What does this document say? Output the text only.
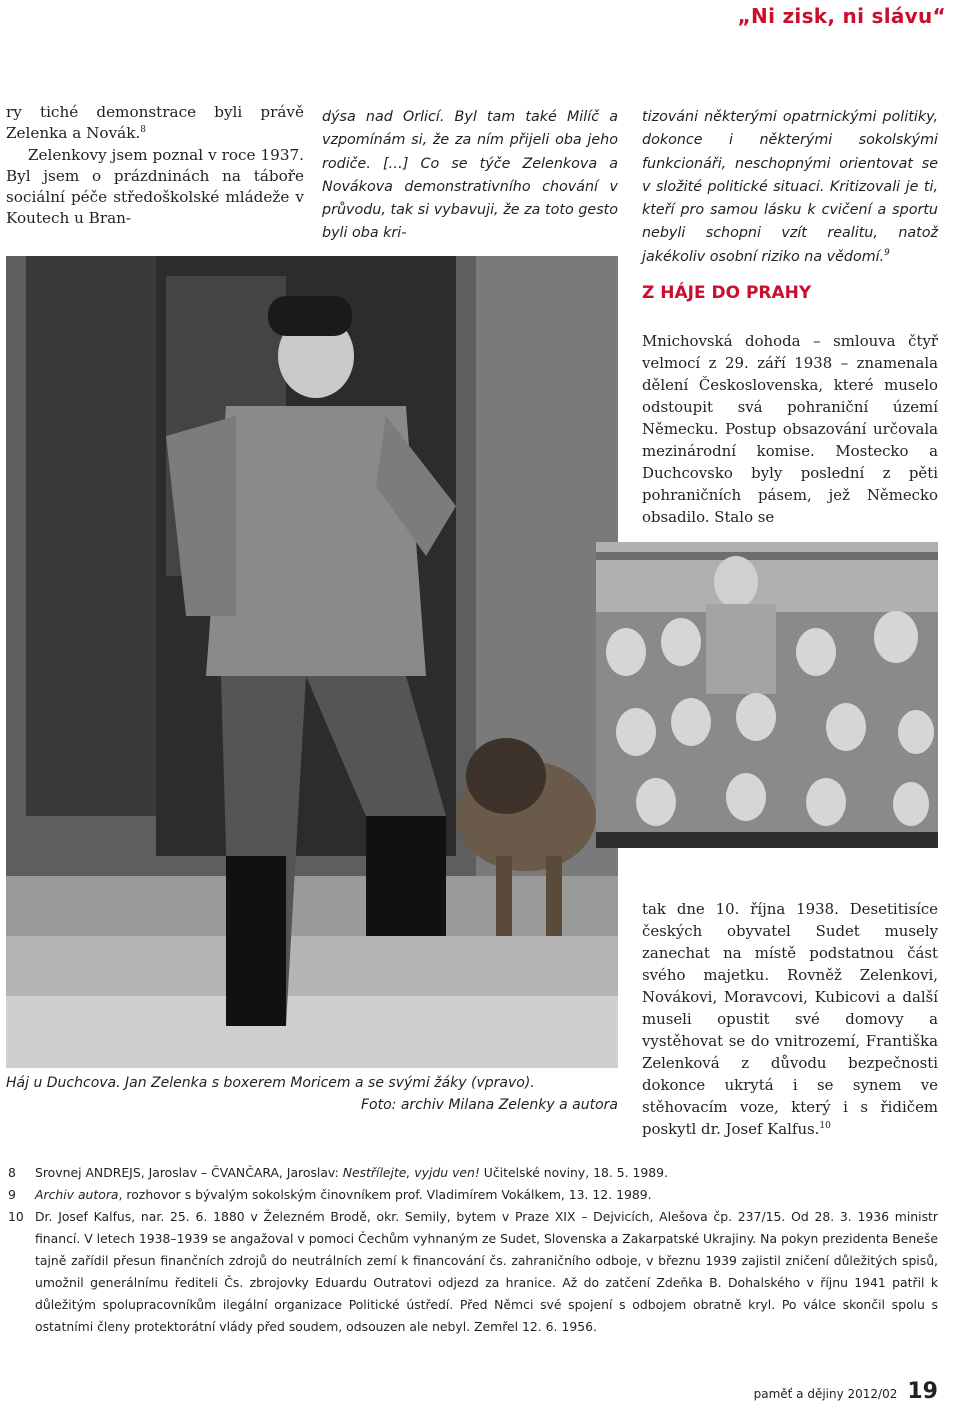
„Ni zisk, ni slávu“

ry tiché demonstrace byli právě Zelenka a Novák.$^8$

Zelenkovy jsem poznal v roce 1937. Byl jsem o prázdninách na táboře sociální péče středoškolské mládeže v Koutech u Bran-

dýsa nad Orlicí. Byl tam také Milíč a vzpomínám si, že za ním přijeli oba jeho rodiče. […] Co se týče Zelenkova a Novákova demonstrativního chování v průvodu, tak si vybavuji, že za toto gesto byli oba kri-
tizováni některými opatrnickými politiky, dokonce i některými sokolskými funkcionáři, neschopnými orientovat se v složité politické situaci. Kritizovali je ti, kteří pro samou lásku k cvičení a sportu nebyli schopni vzít realitu, natož jakékoliv osobní riziko na vědomí.$^9$
Z HÁJE DO PRAHY

Mnichovská dohoda – smlouva čtyř velmocí z 29. září 1938 – znamenala dělení Československa, které muselo odstoupit svá pohraniční území Německu. Postup obsazování určovala mezinárodní komise. Mostecko a Duchcovsko byly poslední z pěti pohraničních pásem, jež Německo obsadilo. Stalo se

tak dne 10. října 1938. Desetitisíce českých obyvatel Sudet musely zanechat na místě podstatnou část svého majetku. Rovněž Zelenkovi, Novákovi, Moravcovi, Kubicovi a další museli opustit své domovy a vystěhovat se do vnitrozemí, Františka Zelenková z důvodu bezpečnosti dokonce ukrytá i se synem ve stěhovacím voze, který i s řidičem poskytl dr. Josef Kalfus.$^{10}$

Háj u Duchcova. Jan Zelenka s boxerem Moricem a se svými žáky (vpravo).
Foto: archiv Milana Zelenky a autora
8	Srovnej ANDREJS, Jaroslav – ČVANČARA, Jaroslav: Nestřílejte, vyjdu ven! Učitelské noviny, 18. 5. 1989.
9	Archiv autora, rozhovor s bývalým sokolským činovníkem prof. Vladimírem Vokálkem, 13. 12. 1989.
10 Dr. Josef Kalfus, nar. 25. 6. 1880 v Železném Brodě, okr. Semily, bytem v Praze XIX – Dejvicích, Alešova čp. 237/15. Od 28. 3. 1936 ministr financí. V letech 1938–1939 se angažoval v pomoci Čechům vyhnaným ze Sudet, Slovenska a Zakarpatské Ukrajiny. Na pokyn prezidenta Beneše tajně zařídil přesun finančních zdrojů do neutrálních zemí k financování čs. zahraničního odboje, v březnu 1939 zajistil zničení důležitých spisů, umožnil generálnímu řediteli Čs. zbrojovky Eduardu Outratovi odjezd za hranice. Až do zatčení Zdeňka B. Dohalského v říjnu 1941 patřil k důležitým spolupracovníkům ilegální organizace Politické ústředí. Před Němci své spojení s odbojem obratně kryl. Po válce skončil spolu s ostatními členy protektorátní vlády před soudem, odsouzen ale nebyl. Zemřel 12. 6. 1956.
paměť a dějiny 2012/02 19
